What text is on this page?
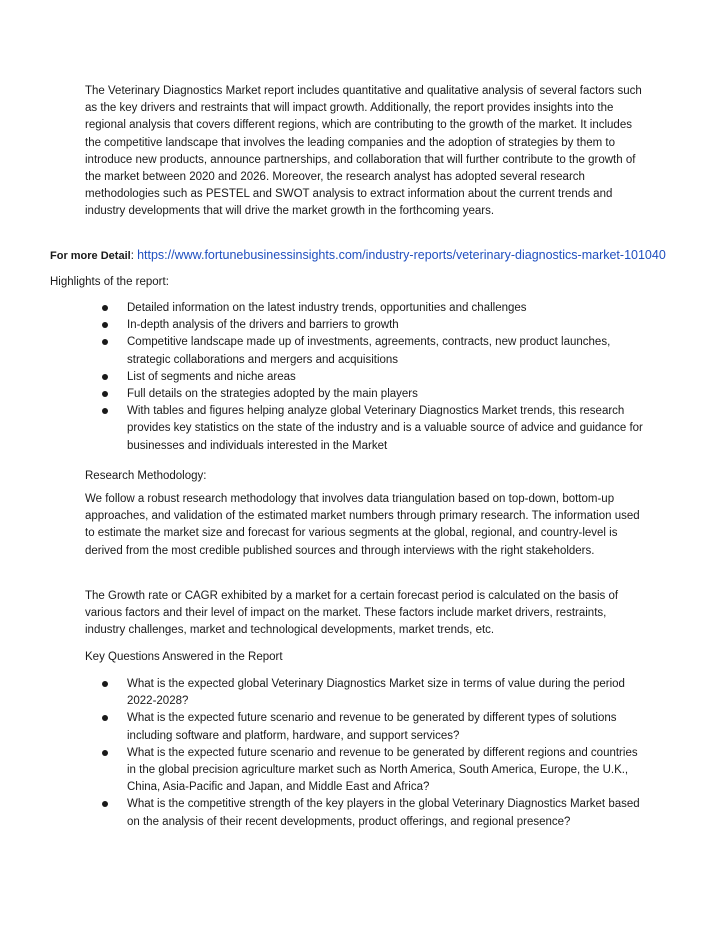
The Veterinary Diagnostics Market report includes quantitative and qualitative analysis of several factors such as the key drivers and restraints that will impact growth. Additionally, the report provides insights into the regional analysis that covers different regions, which are contributing to the growth of the market. It includes the competitive landscape that involves the leading companies and the adoption of strategies by them to introduce new products, announce partnerships, and collaboration that will further contribute to the growth of the market between 2020 and 2026. Moreover, the research analyst has adopted several research methodologies such as PESTEL and SWOT analysis to extract information about the current trends and industry developments that will drive the market growth in the forthcoming years.

For more Detail: https://www.fortunebusinessinsights.com/industry-reports/veterinary-diagnostics-market-101040
Highlights of the report:
Detailed information on the latest industry trends, opportunities and challenges
In-depth analysis of the drivers and barriers to growth
Competitive landscape made up of investments, agreements, contracts, new product launches, strategic collaborations and mergers and acquisitions
List of segments and niche areas
Full details on the strategies adopted by the main players
With tables and figures helping analyze global Veterinary Diagnostics Market trends, this research provides key statistics on the state of the industry and is a valuable source of advice and guidance for businesses and individuals interested in the Market

Research Methodology:

We follow a robust research methodology that involves data triangulation based on top-down, bottom-up approaches, and validation of the estimated market numbers through primary research. The information used to estimate the market size and forecast for various segments at the global, regional, and country-level is derived from the most credible published sources and through interviews with the right stakeholders.

The Growth rate or CAGR exhibited by a market for a certain forecast period is calculated on the basis of various factors and their level of impact on the market. These factors include market drivers, restraints, industry challenges, market and technological developments, market trends, etc.

Key Questions Answered in the Report

What is the expected global Veterinary Diagnostics Market size in terms of value during the period 2022-2028?
What is the expected future scenario and revenue to be generated by different types of solutions including software and platform, hardware, and support services?
What is the expected future scenario and revenue to be generated by different regions and countries in the global precision agriculture market such as North America, South America, Europe, the U.K., China, Asia-Pacific and Japan, and Middle East and Africa?
What is the competitive strength of the key players in the global Veterinary Diagnostics Market based on the analysis of their recent developments, product offerings, and regional presence?
